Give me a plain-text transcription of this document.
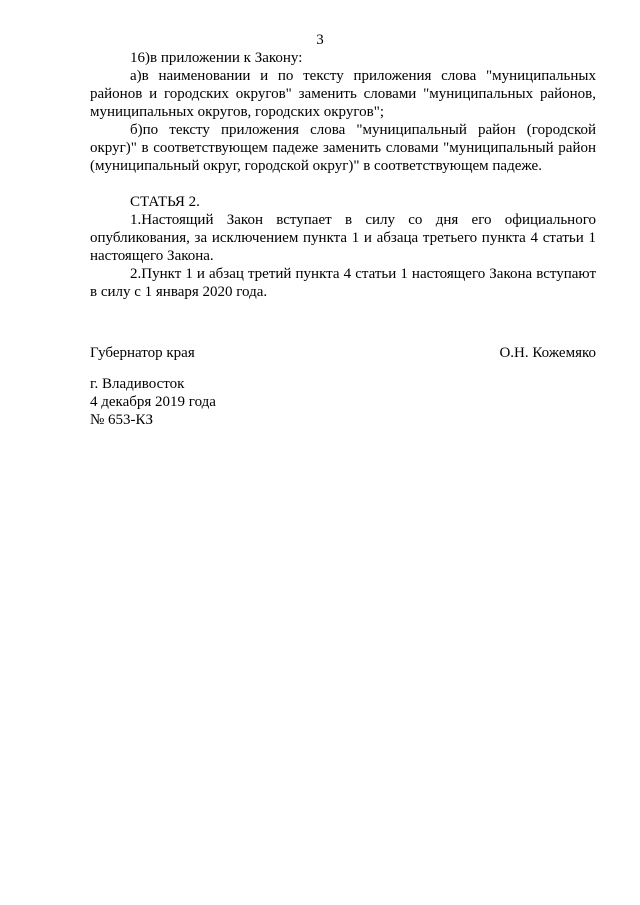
3

16)в приложении к Закону:

а)в наименовании и по тексту приложения слова "муниципальных районов и городских округов" заменить словами "муниципальных районов, муниципальных округов, городских округов";

б)по тексту приложения слова "муниципальный район (городской округ)" в соответствующем падеже заменить словами "муниципальный район (муниципальный округ, городской округ)" в соответствующем падеже.

СТАТЬЯ 2.

1.Настоящий Закон вступает в силу со дня его официального опубликования, за исключением пункта 1 и абзаца третьего пункта 4 статьи 1 настоящего Закона.

2.Пункт 1 и абзац третий пункта 4 статьи 1 настоящего Закона вступают в силу с 1 января 2020 года.

Губернатор края	О.Н. Кожемяко
г. Владивосток
4 декабря 2019 года
№ 653-КЗ
